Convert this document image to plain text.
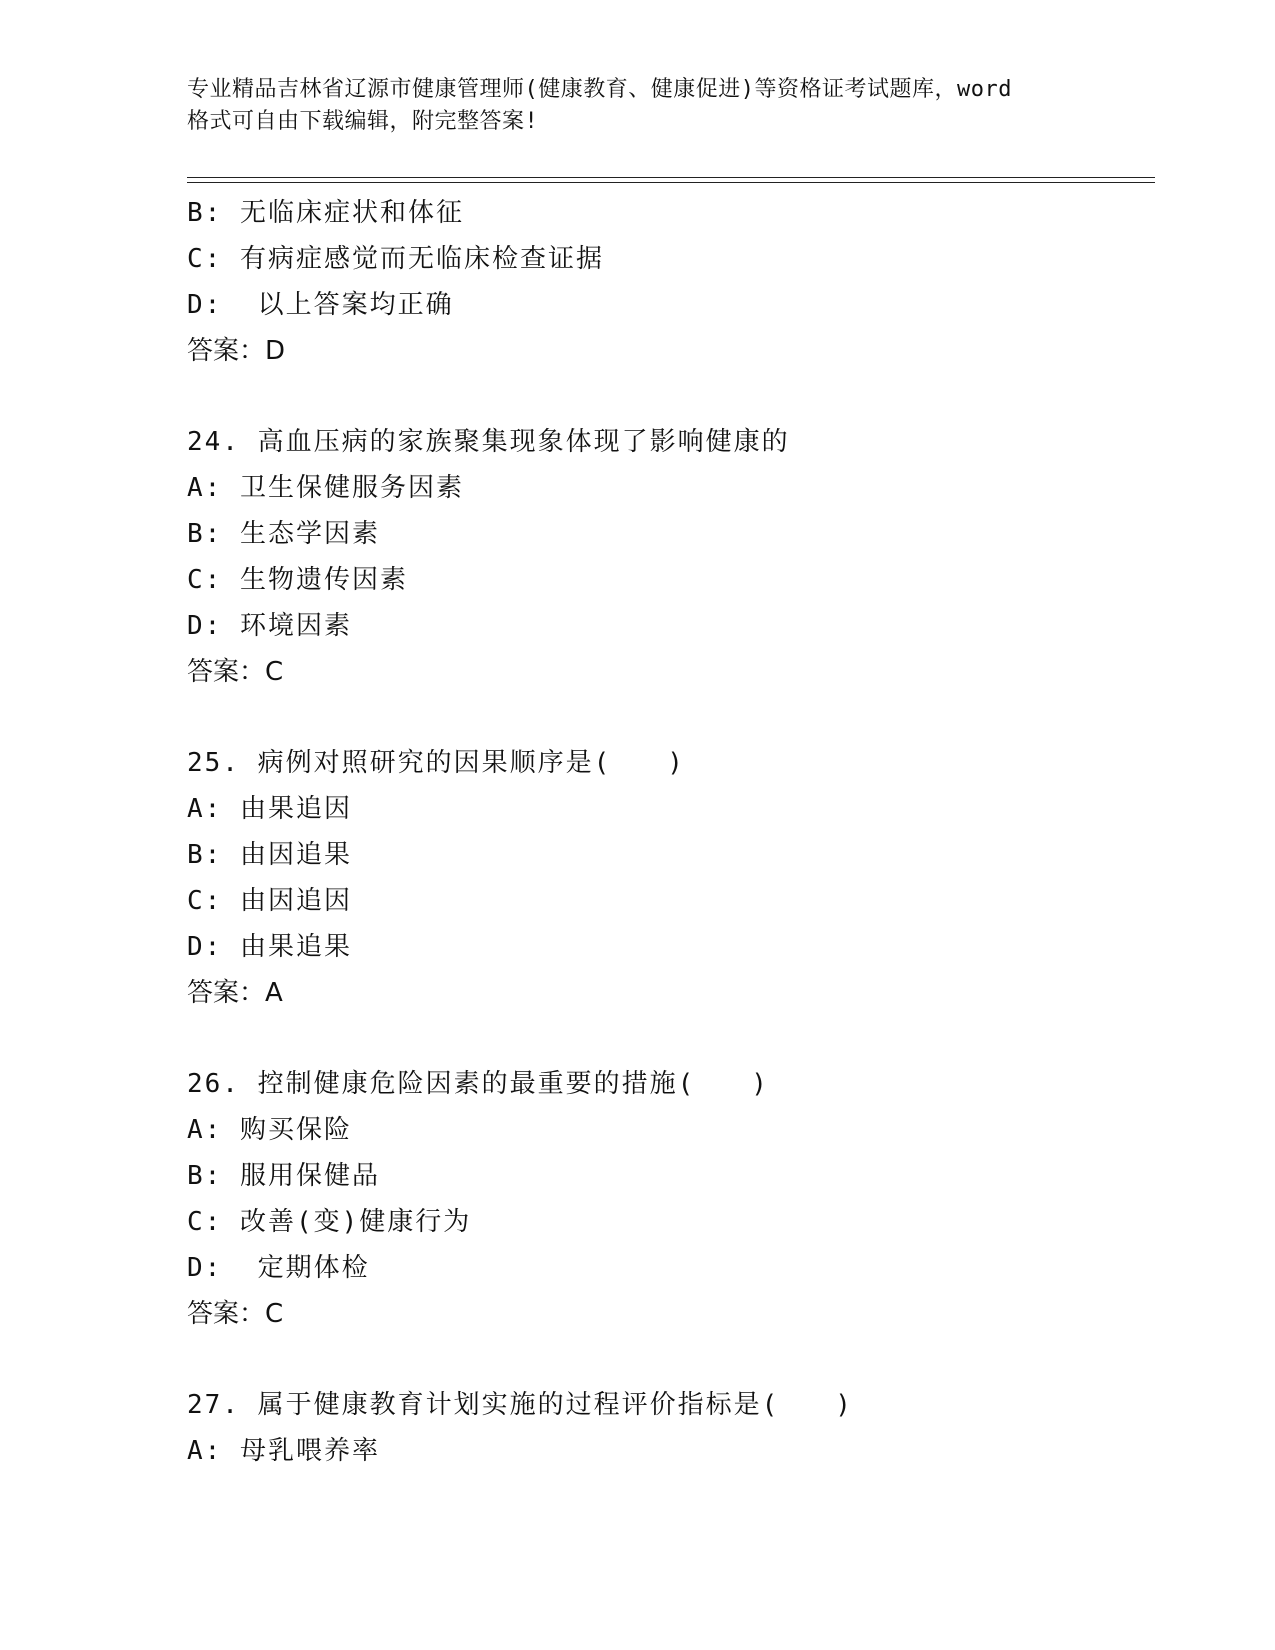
专业精品吉林省辽源市健康管理师(健康教育、健康促进)等资格证考试题库，word
格式可自由下载编辑，附完整答案!
B: 无临床症状和体征
C: 有病症感觉而无临床检查证据
D:  以上答案均正确
答案：D
24. 高血压病的家族聚集现象体现了影响健康的
A: 卫生保健服务因素
B: 生态学因素
C: 生物遗传因素
D: 环境因素
答案：C
25. 病例对照研究的因果顺序是(　　)
A: 由果追因
B: 由因追果
C: 由因追因
D: 由果追果
答案：A
26. 控制健康危险因素的最重要的措施(　　)
A: 购买保险
B: 服用保健品
C: 改善(变)健康行为
D:  定期体检
答案：C
27. 属于健康教育计划实施的过程评价指标是(　　)
A: 母乳喂养率
